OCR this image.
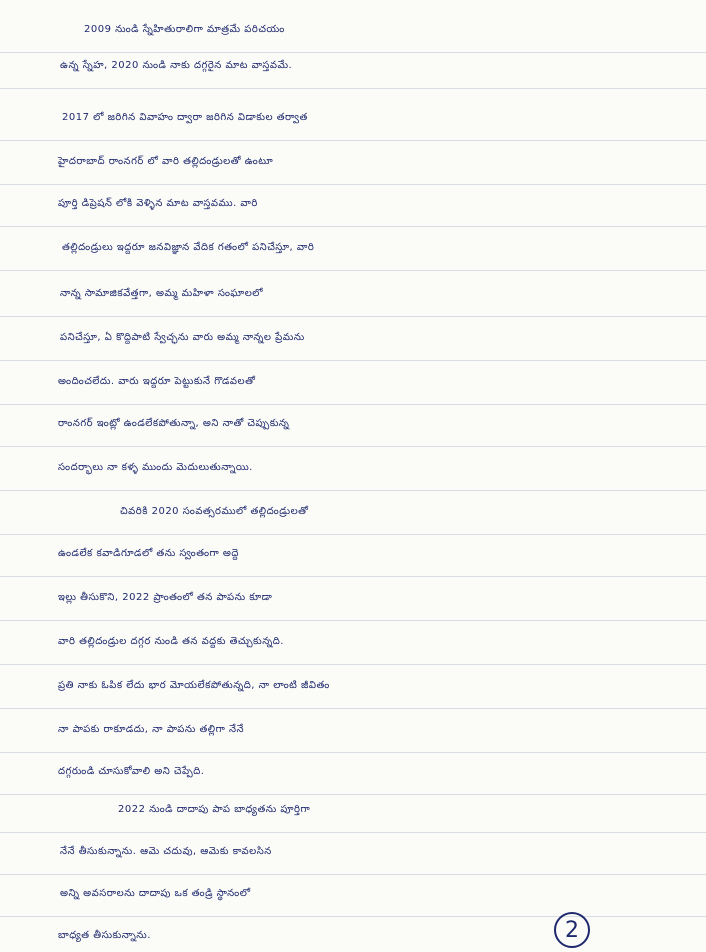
2009 నుండి స్నేహితురాలిగా మాత్రమే పరిచయం
ఉన్న స్నేహ, 2020 నుండి నాకు దగ్గరైన మాట వాస్తవమే.
2017 లో జరిగిన వివాహం ద్వారా జరిగిన విడాకుల తర్వాత
హైదరాబాద్ రాంనగర్ లో వారి తల్లిదండ్రులతో ఉంటూ
పూర్తి డిప్రెషన్ లోకి వెళ్ళిన మాట వాస్తవము. వారి
తల్లిదండ్రులు ఇద్దరూ జనవిజ్ఞాన వేదిక గతంలో పనిచేస్తూ, వారి
నాన్న సామాజికవేత్తగా, అమ్మ మహిళా సంఘాలలో
పనిచేస్తూ, ఏ కొద్దిపాటి స్వేచ్ఛను వారు అమ్మ నాన్నల ప్రేమను
అందించలేదు. వారు ఇద్దరూ పెట్టుకునే గొడవలతో
రాంనగర్ ఇంట్లో ఉండలేకపోతున్నా, అని నాతో చెప్పుకున్న
సందర్భాలు నా కళ్ళ ముందు మెదులుతున్నాయి.
చివరికి 2020 సంవత్సరములో తల్లిదండ్రులతో
ఉండలేక కవాడిగూడలో తను స్వంతంగా అద్దె
ఇల్లు తీసుకొని, 2022 ప్రాంతంలో తన పాపను కూడా
వారి తల్లిదండ్రుల దగ్గర నుండి తన వద్దకు తెచ్చుకున్నది.
ప్రతి నాకు ఓపిక లేదు భార మోయలేకపోతున్నది, నా లాంటి జీవితం
నా పాపకు రాకూడదు, నా పాపను తల్లిగా నేనే
దగ్గరుండి చూసుకోవాలి అని చెప్పేది.
2022 నుండి దాదాపు పాప బాధ్యతను పూర్తిగా
నేనే తీసుకున్నాను. ఆమె చదువు, ఆమెకు కావలసిన
అన్ని అవసరాలను దాదాపు ఒక తండ్రి స్థానంలో
బాధ్యత తీసుకున్నాను.	2
